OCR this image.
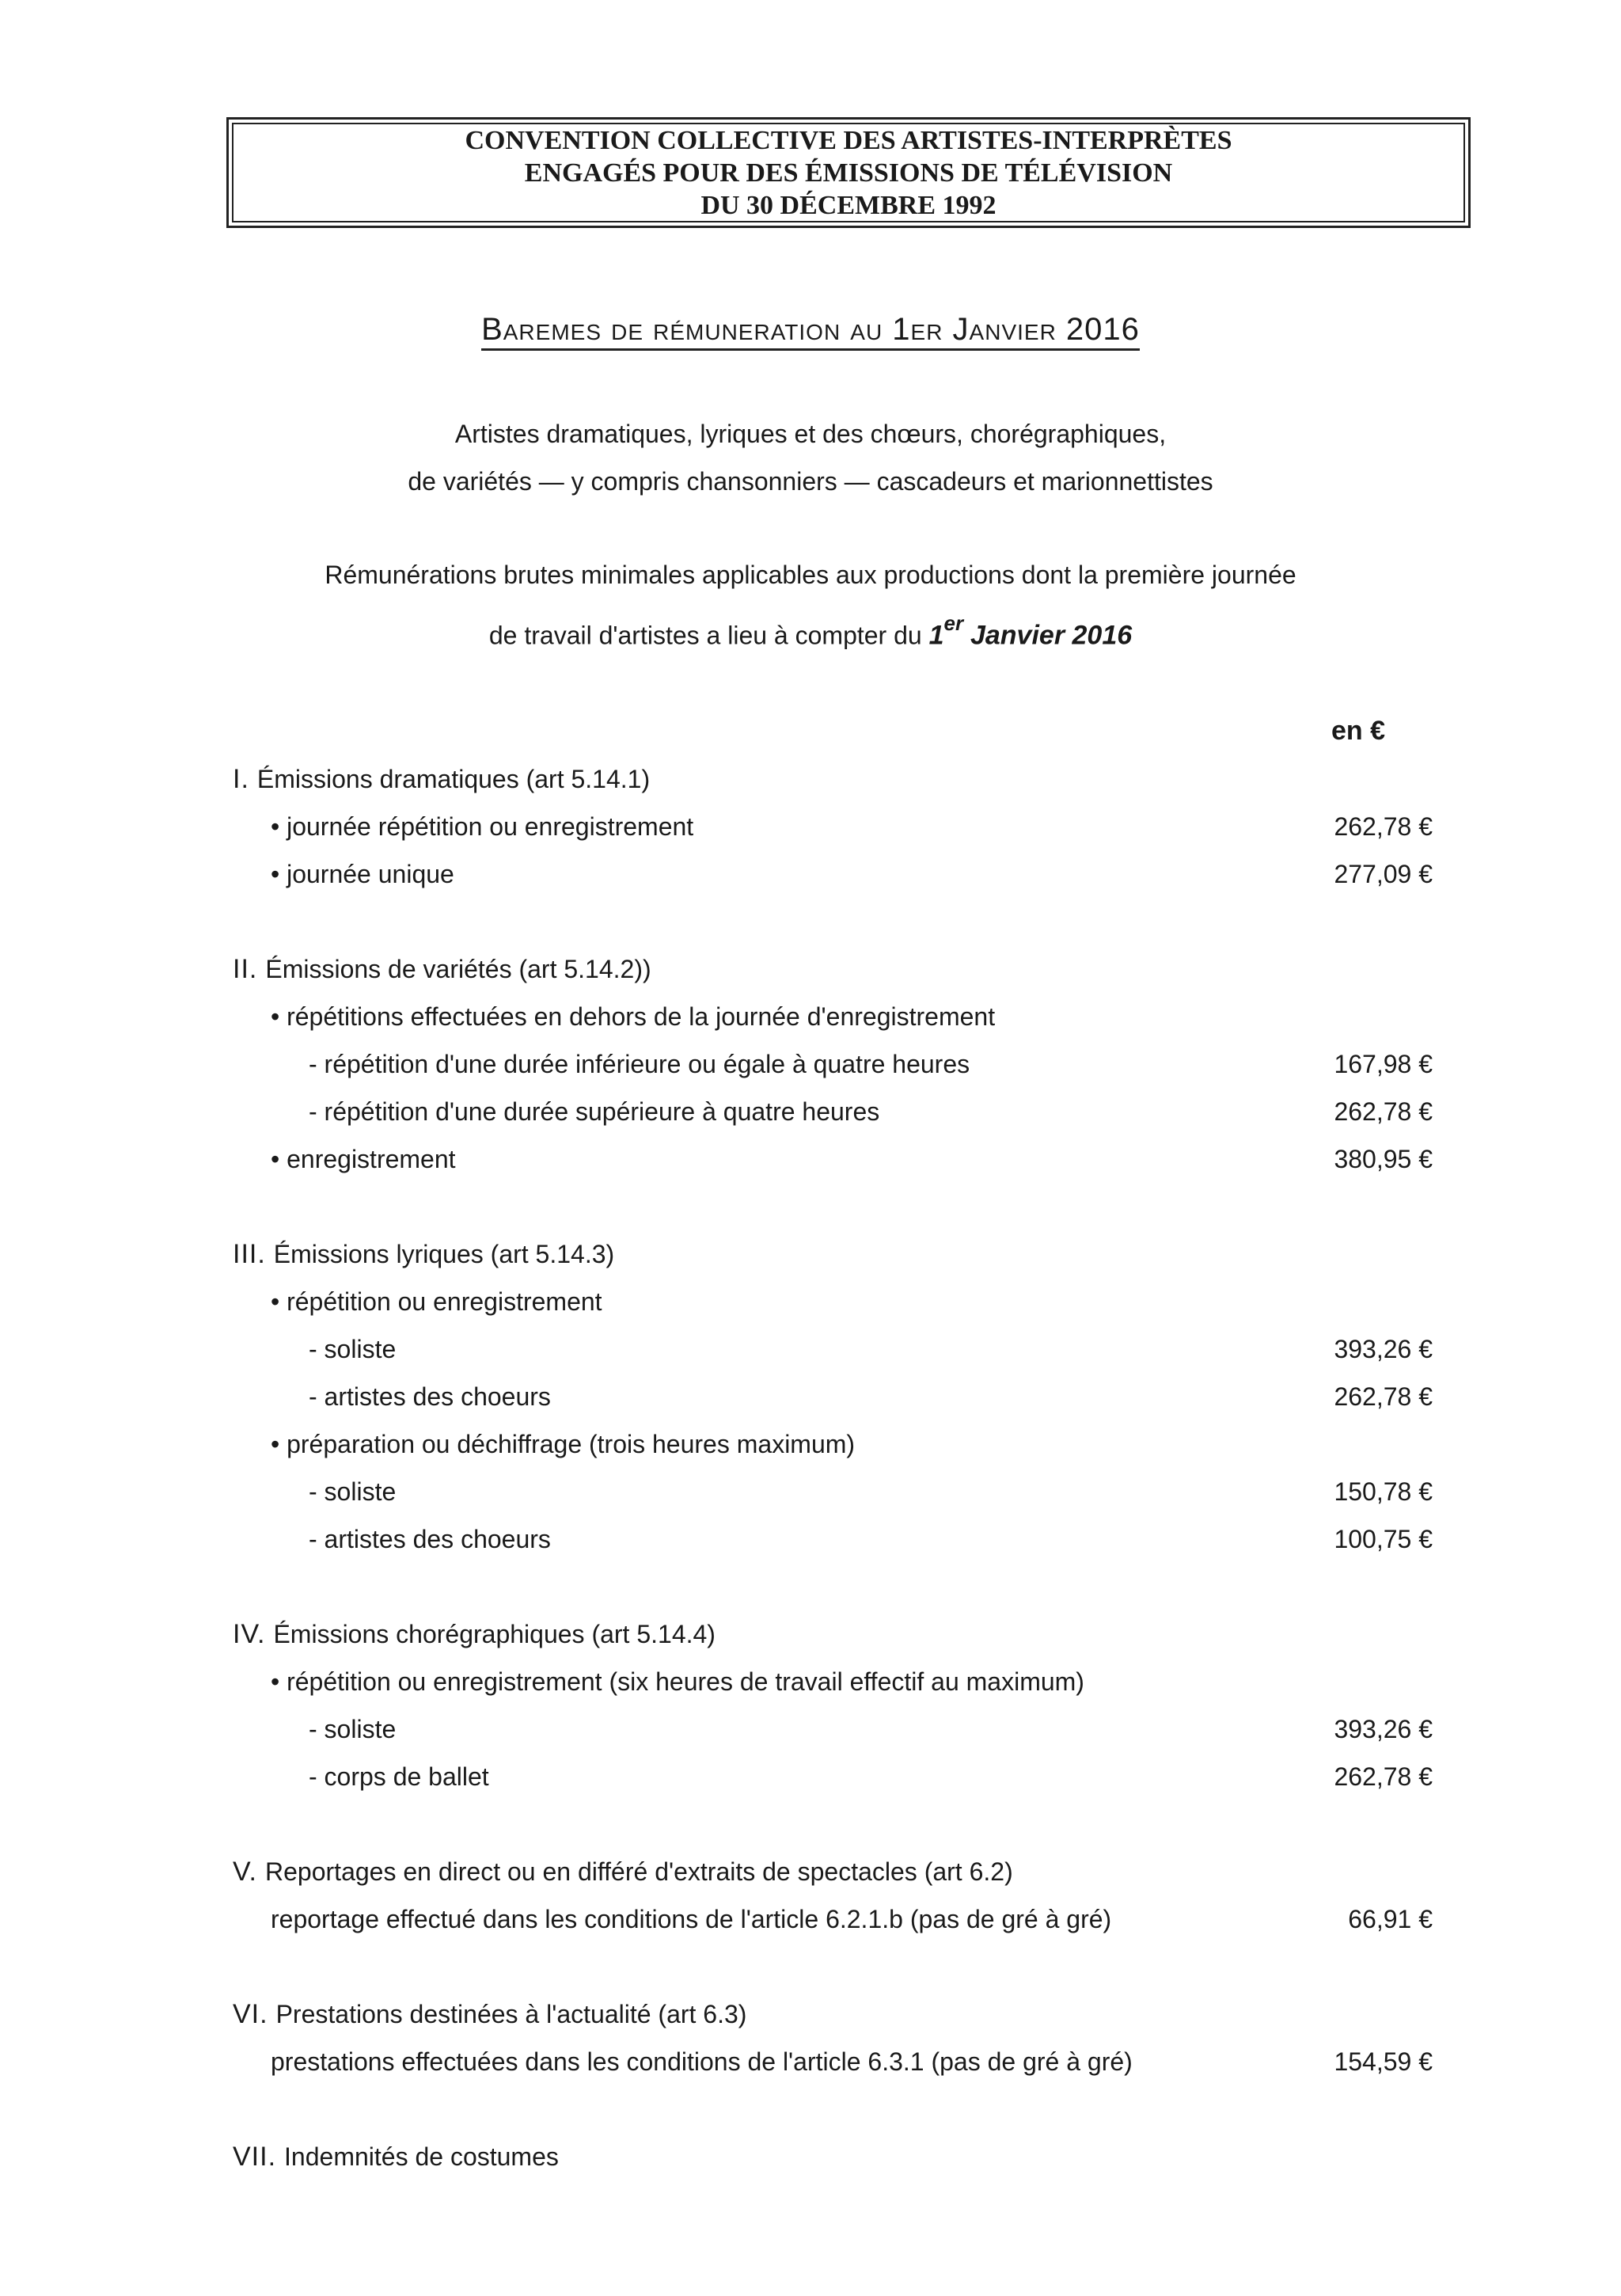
CONVENTION COLLECTIVE DES ARTISTES-INTERPRÈTES
ENGAGÉS POUR DES ÉMISSIONS DE TÉLÉVISION
DU 30 DÉCEMBRE 1992
Baremes de rémuneration au 1er Janvier 2016
Artistes dramatiques, lyriques et des chœurs, chorégraphiques,
de variétés — y compris chansonniers — cascadeurs et marionnettistes
Rémunérations brutes minimales applicables aux productions dont la première journée
de travail d'artistes a lieu à compter du 1er Janvier 2016
en €
I. Émissions dramatiques (art 5.14.1)
• journée répétition ou enregistrement	262,78 €
• journée unique	277,09 €
II. Émissions de variétés (art 5.14.2))
• répétitions effectuées en dehors de la journée d'enregistrement
- répétition d'une durée inférieure ou égale à quatre heures	167,98 €
- répétition d'une durée supérieure à quatre heures	262,78 €
• enregistrement	380,95 €
III. Émissions lyriques (art 5.14.3)
• répétition ou enregistrement
- soliste	393,26 €
- artistes des choeurs	262,78 €
• préparation ou déchiffrage (trois heures maximum)
- soliste	150,78 €
- artistes des choeurs	100,75 €
IV. Émissions chorégraphiques (art 5.14.4)
• répétition ou enregistrement (six heures de travail effectif au maximum)
- soliste	393,26 €
- corps de ballet	262,78 €
V. Reportages en direct ou en différé d'extraits de spectacles (art 6.2)
reportage effectué dans les conditions de l'article 6.2.1.b (pas de gré à gré)	66,91 €
VI. Prestations destinées à l'actualité (art 6.3)
prestations effectuées dans les conditions de l'article 6.3.1 (pas de gré à gré)	154,59 €
VII. Indemnités de costumes
